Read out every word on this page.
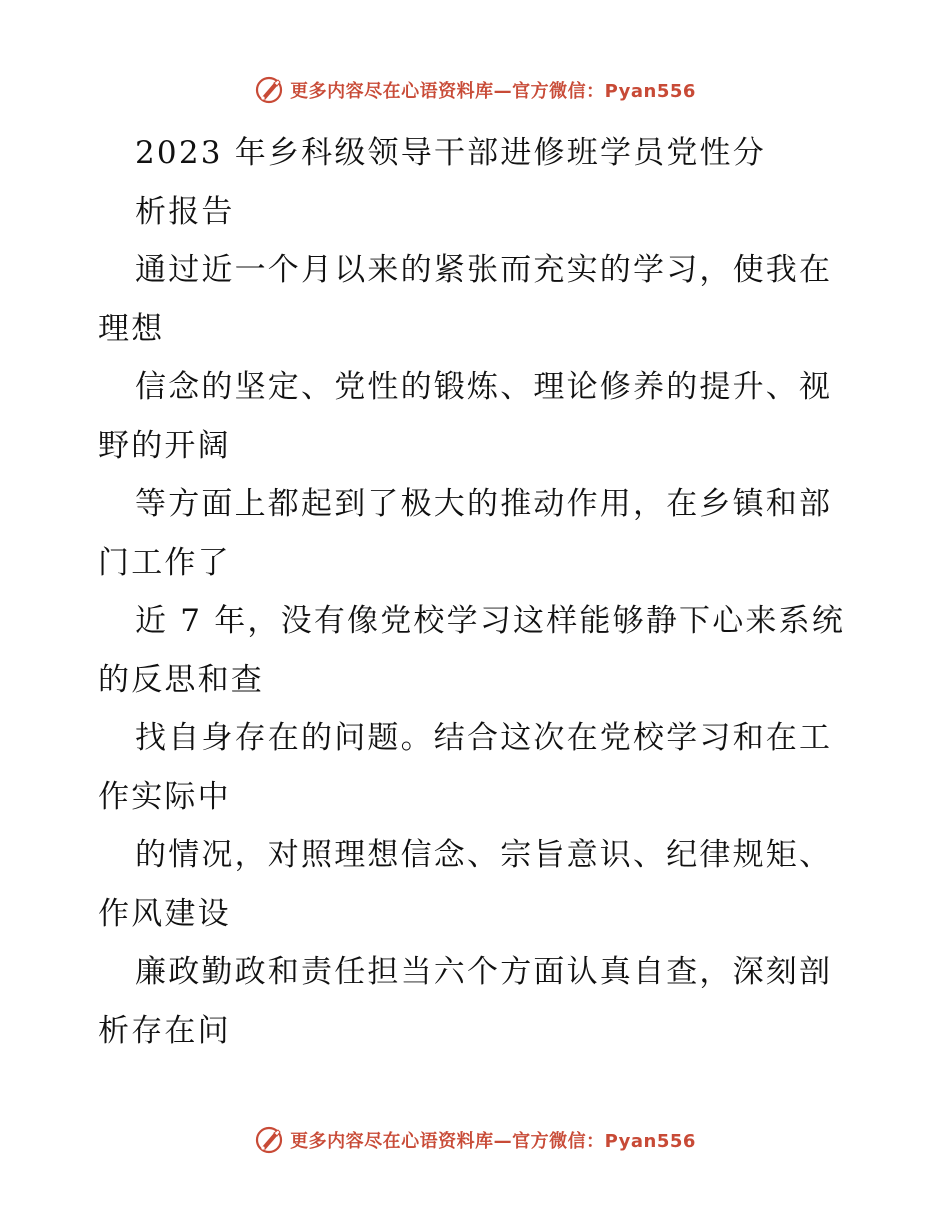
更多内容尽在心语资料库—官方微信：Pyan556
2023 年乡科级领导干部进修班学员党性分
析报告
通过近一个月以来的紧张而充实的学习，使我在
理想
信念的坚定、党性的锻炼、理论修养的提升、视
野的开阔
等方面上都起到了极大的推动作用，在乡镇和部
门工作了
近 7 年，没有像党校学习这样能够静下心来系统
的反思和查
找自身存在的问题。结合这次在党校学习和在工
作实际中
的情况，对照理想信念、宗旨意识、纪律规矩、
作风建设
廉政勤政和责任担当六个方面认真自查，深刻剖
析存在问
更多内容尽在心语资料库—官方微信：Pyan556
